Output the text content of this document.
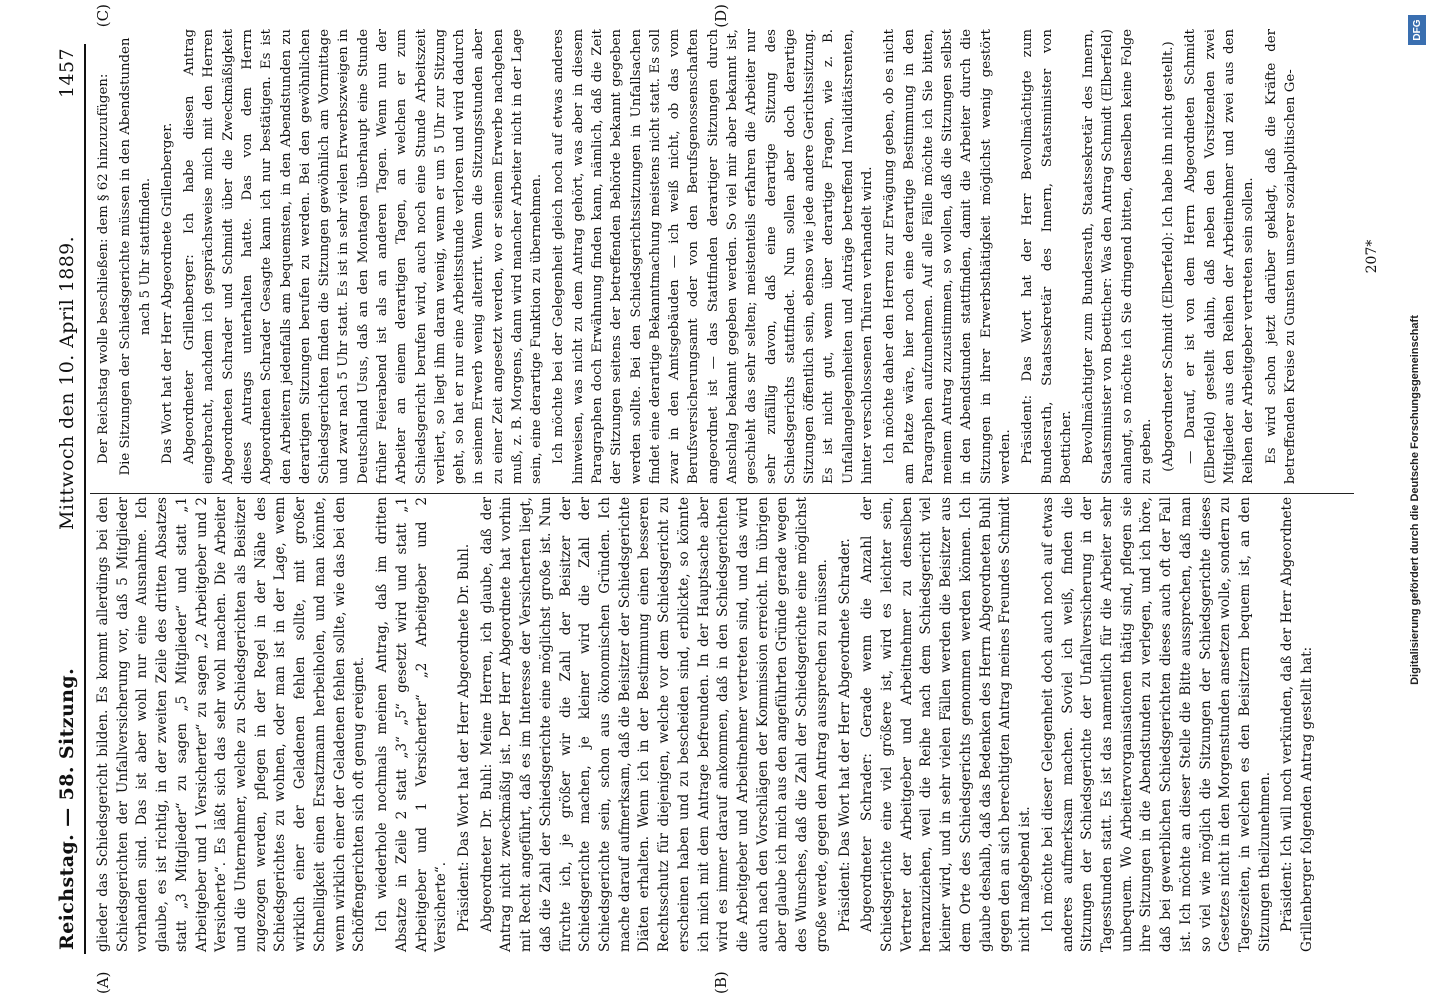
Reichstag. — 58. Sitzung.
Mittwoch den 10. April 1889.
1457
(A)	(B)
(C)	(D)

glieder das Schiedsgericht bilden. Es kommt allerdings bei den Schiedsgerichten der Unfallversicherung vor, daß 5 Mitglieder vorhanden sind. Das ist aber wohl nur eine Ausnahme. Ich glaube, es ist richtig, in der zweiten Zeile des dritten Absatzes statt „3 Mitglieder“ zu sagen „5 Mitglieder“ und statt „1 Arbeitgeber und 1 Versicherter“ zu sagen „2 Arbeitgeber und 2 Versicherte“. Es läßt sich das sehr wohl machen. Die Arbeiter und die Unternehmer, welche zu Schiedsgerichten als Beisitzer zugezogen werden, pflegen in der Regel in der Nähe des Schiedsgerichtes zu wohnen, oder man ist in der Lage, wenn wirklich einer der Geladenen fehlen sollte, mit großer Schnelligkeit einen Ersatzmann herbeiholen, und man könnte, wenn wirklich einer der Geladenen fehlen sollte, wie das bei den Schöffengerichten sich oft genug ereignet. Ich wiederhole nochmals meinen Antrag, daß im dritten Absatze in Zeile 2 statt „3“ „5“ gesetzt wird und statt „1 Arbeitgeber und 1 Versicherter“ „2 Arbeitgeber und 2 Versicherte“. Präsident: Das Wort hat der Herr Abgeordnete Dr. Buhl. Abgeordneter Dr. Buhl: Meine Herren, ich glaube, daß der Antrag nicht zweckmäßig ist. Der Herr Abgeordnete hat vorhin mit Recht angeführt, daß es im Interesse der Versicherten liegt, daß die Zahl der Schiedsgerichte eine möglichst große ist. Nun fürchte ich, je größer wir die Zahl der Beisitzer der Schiedsgerichte machen, je kleiner wird die Zahl der Schiedsgerichte sein, schon aus ökonomischen Gründen. Ich mache darauf aufmerksam, daß die Beisitzer der Schiedsgerichte Diäten erhalten. Wenn ich in der Bestimmung einen besseren Rechtsschutz für diejenigen, welche vor dem Schiedsgericht zu erscheinen haben und zu bescheiden sind, erblickte, so könnte ich mich mit dem Antrage befreunden. In der Hauptsache aber wird es immer darauf ankommen, daß in den Schiedsgerichten die Arbeitgeber und Arbeitnehmer vertreten sind, und das wird auch nach den Vorschlägen der Kommission erreicht. Im übrigen aber glaube ich mich aus den angeführten Gründe gerade wegen des Wunsches, daß die Zahl der Schiedsgerichte eine möglichst große werde, gegen den Antrag aussprechen zu müssen. Präsident: Das Wort hat der Herr Abgeordnete Schrader. Abgeordneter Schrader: Gerade wenn die Anzahl der Schiedsgerichte eine viel größere ist, wird es leichter sein, Vertreter der Arbeitgeber und Arbeitnehmer zu denselben heranzuziehen, weil die Reihe nach dem Schiedsgericht viel kleiner wird, und in sehr vielen Fällen werden die Beisitzer aus dem Orte des Schiedsgerichts genommen werden können. Ich glaube deshalb, daß das Bedenken des Herrn Abgeordneten Buhl gegen den an sich berechtigten Antrag meines Freundes Schmidt nicht maßgebend ist. Ich möchte bei dieser Gelegenheit doch auch noch auf etwas anderes aufmerksam machen. Soviel ich weiß, finden die Sitzungen der Schiedsgerichte der Unfallversicherung in der Tagesstunden statt. Es ist das namentlich für die Arbeiter sehr unbequem. Wo Arbeitervorganisationen thätig sind, pflegen sie ihre Sitzungen in die Abendstunden zu verlegen, und ich höre, daß bei gewerblichen Schiedsgerichten dieses auch oft der Fall ist. Ich möchte an dieser Stelle die Bitte aussprechen, daß man so viel wie möglich die Sitzungen der Schiedsgerichte dieses Gesetzes nicht in den Morgenstunden ansetzen wolle, sondern zu Tageszeiten, in welchen es den Beisitzern bequem ist, an den Sitzungen theilzunehmen. Präsident: Ich will noch verkünden, daß der Herr Abgeordnete Grillenberger folgenden Antrag gestellt hat:

Der Reichstag wolle beschließen: dem § 62 hinzuzufügen: Die Sitzungen der Schiedsgerichte müssen in den Abendstunden nach 5 Uhr stattfinden. Das Wort hat der Herr Abgeordnete Grillenberger. Abgeordneter Grillenberger: Ich habe diesen Antrag eingebracht, nachdem ich gesprächsweise mich mit den Herren Abgeordneten Schrader und Schmidt über die Zweckmäßigkeit dieses Antrags unterhalten hatte. Das von dem Herrn Abgeordneten Schrader Gesagte kann ich nur bestätigen. Es ist den Arbeitern jedenfalls am bequemsten, in den Abendstunden zu derartigen Sitzungen berufen zu werden. Bei den gewöhnlichen Schiedsgerichten finden die Sitzungen gewöhnlich am Vormittage und zwar nach 5 Uhr statt. Es ist in sehr vielen Erwerbszweigen in Deutschland Usus, daß an den Montagen überhaupt eine Stunde früher Feierabend ist als an anderen Tagen. Wenn nun der Arbeiter an einem derartigen Tagen, an welchen er zum Schiedsgericht berufen wird, auch noch eine Stunde Arbeitszeit verliert, so liegt ihm daran wenig, wenn er um 5 Uhr zur Sitzung geht, so hat er nur eine Arbeitsstunde verloren und wird dadurch in seinem Erwerb wenig alterirt. Wenn die Sitzungsstunden aber zu einer Zeit angesetzt werden, wo er seinem Erwerbe nachgehen muß, z. B. Morgens, dann wird mancher Arbeiter nicht in der Lage sein, eine derartige Funktion zu übernehmen. Ich möchte bei der Gelegenheit gleich noch auf etwas anderes hinweisen, was nicht zu dem Antrag gehört, was aber in diesem Paragraphen doch Erwähnung finden kann, nämlich, daß die Zeit der Sitzungen seitens der betreffenden Behörde bekannt gegeben werden sollte. Bei den Schiedsgerichtssitzungen in Unfallsachen findet eine derartige Bekanntmachung meistens nicht statt. Es soll zwar in den Amtsgebäuden — ich weiß nicht, ob das vom Berufsversicherungsamt oder von den Berufsgenossenschaften angeordnet ist — das Stattfinden derartiger Sitzungen durch Anschlag bekannt gegeben werden. So viel mir aber bekannt ist, geschieht das sehr selten; meistenteils erfahren die Arbeiter nur sehr zufällig davon, daß eine derartige Sitzung des Schiedsgerichts stattfindet. Nun sollen aber doch derartige Sitzungen öffentlich sein, ebenso wie jede andere Gerichtssitzung. Es ist nicht gut, wenn über derartige Fragen, wie z. B. Unfallangelegenheiten und Anträge betreffend Invaliditätsrenten, hinter verschlossenen Thüren verhandelt wird. Ich möchte daher den Herren zur Erwägung geben, ob es nicht am Platze wäre, hier noch eine derartige Bestimmung in den Paragraphen aufzunehmen. Auf alle Fälle möchte ich Sie bitten, meinem Antrag zuzustimmen, so wollen, daß die Sitzungen selbst in den Abendstunden stattfinden, damit die Arbeiter durch die Sitzungen in ihrer Erwerbsthätigkeit möglichst wenig gestört werden. Präsident: Das Wort hat der Herr Bevollmächtigte zum Bundesrath, Staatssekretär des Innern, Staatsminister von Boetticher. Bevollmächtigter zum Bundesrath, Staatssekretär des Innern, Staatsminister von Boetticher: Was den Antrag Schmidt (Elberfeld) anlangt, so möchte ich Sie dringend bitten, denselben keine Folge zu geben. (Abgeordneter Schmidt (Elberfeld): Ich habe ihn nicht gestellt.) — Darauf, er ist von dem Herrn Abgeordneten Schmidt (Elberfeld) gestellt dahin, daß neben den Vorsitzenden zwei Mitglieder aus den Reihen der Arbeitnehmer und zwei aus den Reihen der Arbeitgeber vertreten sein sollen. Es wird schon jetzt darüber geklagt, daß die Kräfte der betreffenden Kreise zu Gunsten unserer sozialpolitischen Ge-	207*
Digitalisierung gefördert durch die Deutsche Forschungsgemeinschaft
DFG
